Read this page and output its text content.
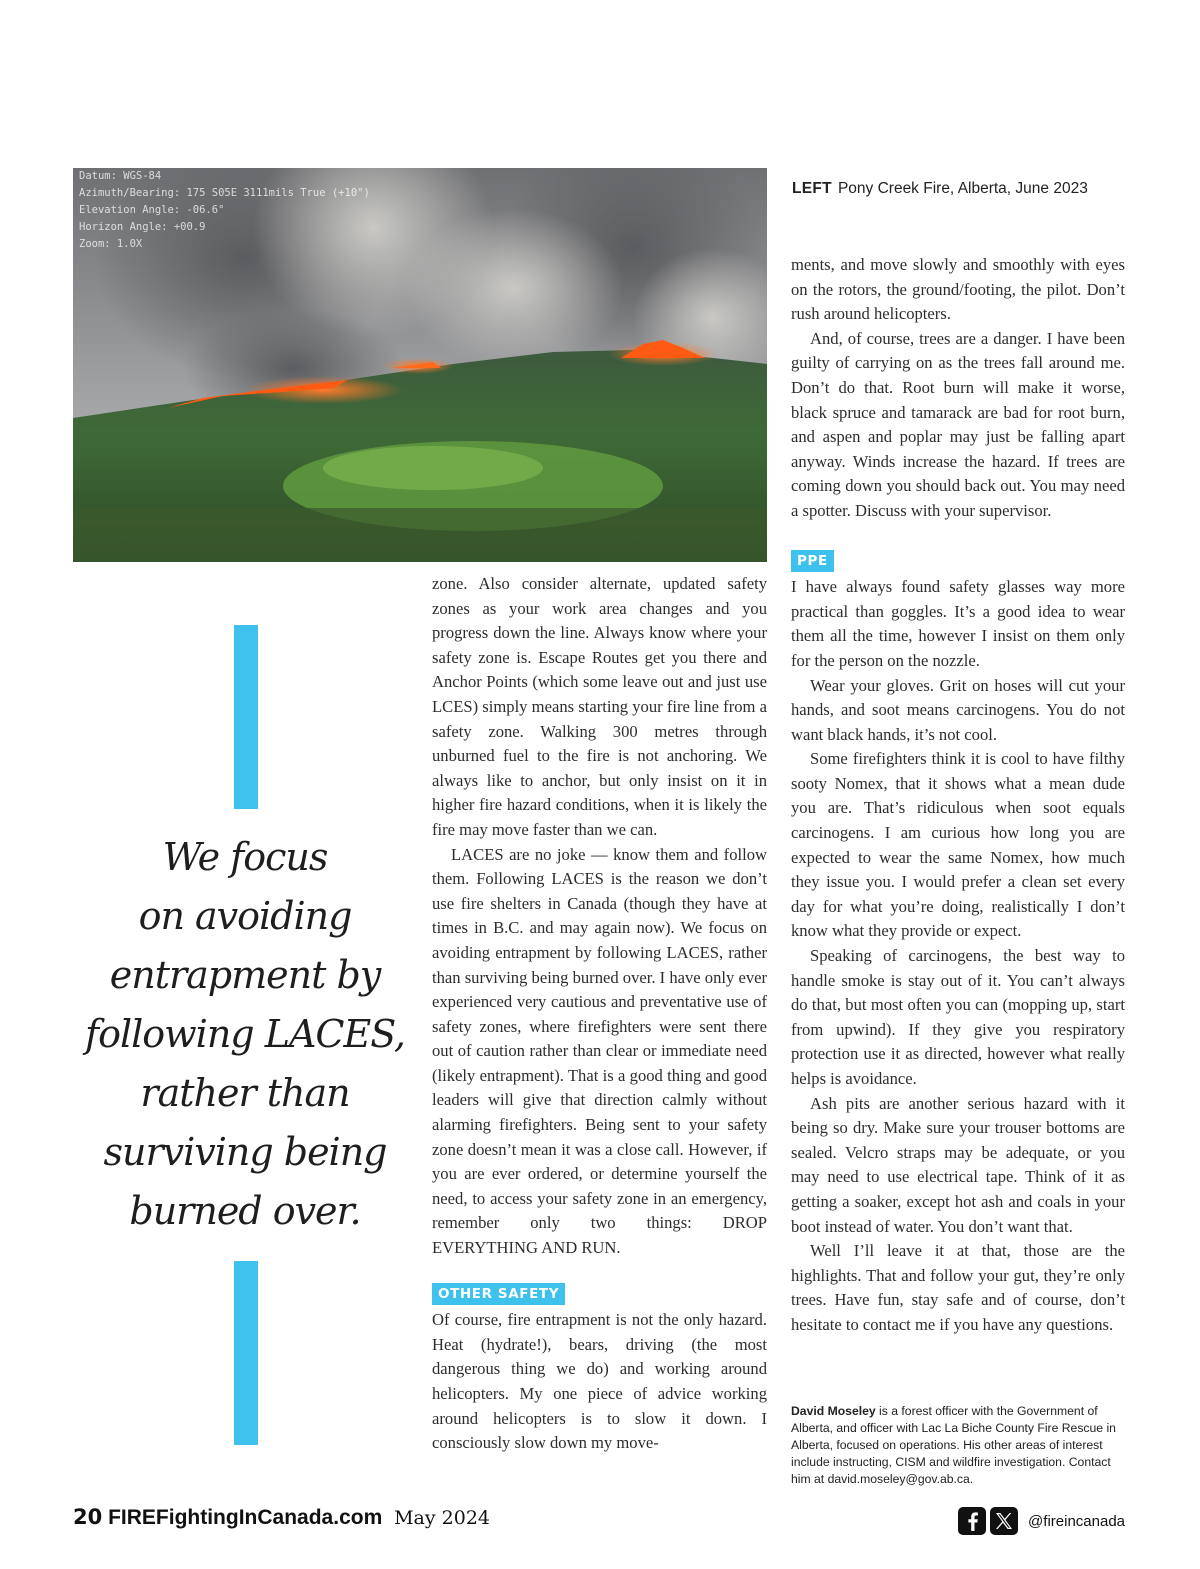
Datum: WGS-84
Azimuth/Bearing: 175 S05E 3111mils True (+10°)
Elevation Angle: -06.6°
Horizon Angle: +00.9
Zoom: 1.0X
LEFT Pony Creek Fire, Alberta, June 2023
We focus
on avoiding
entrapment by
following LACES,
rather than
surviving being
burned over.

zone. Also consider alternate, updated safety zones as your work area changes and you progress down the line. Always know where your safety zone is. Escape Routes get you there and Anchor Points (which some leave out and just use LCES) simply means starting your fire line from a safety zone. Walking 300 metres through unburned fuel to the fire is not anchoring. We always like to anchor, but only insist on it in higher fire hazard conditions, when it is likely the fire may move faster than we can.

LACES are no joke — know them and follow them. Following LACES is the reason we don’t use fire shelters in Canada (though they have at times in B.C. and may again now). We focus on avoiding entrapment by following LACES, rather than surviving being burned over. I have only ever experienced very cautious and preventative use of safety zones, where firefighters were sent there out of caution rather than clear or immediate need (likely entrapment). That is a good thing and good leaders will give that direction calmly without alarming firefighters. Being sent to your safety zone doesn’t mean it was a close call. However, if you are ever ordered, or determine yourself the need, to access your safety zone in an emergency, remember only two things: DROP EVERYTHING AND RUN.

OTHER SAFETY

Of course, fire entrapment is not the only hazard. Heat (hydrate!), bears, driving (the most dangerous thing we do) and working around helicopters. My one piece of advice working around helicopters is to slow it down. I consciously slow down my move-

ments, and move slowly and smoothly with eyes on the rotors, the ground/footing, the pilot. Don’t rush around helicopters.

And, of course, trees are a danger. I have been guilty of carrying on as the trees fall around me. Don’t do that. Root burn will make it worse, black spruce and tamarack are bad for root burn, and aspen and poplar may just be falling apart anyway. Winds increase the hazard. If trees are coming down you should back out. You may need a spotter. Discuss with your supervisor.

PPE

I have always found safety glasses way more practical than goggles. It’s a good idea to wear them all the time, however I insist on them only for the person on the nozzle.

Wear your gloves. Grit on hoses will cut your hands, and soot means carcinogens. You do not want black hands, it’s not cool.

Some firefighters think it is cool to have filthy sooty Nomex, that it shows what a mean dude you are. That’s ridiculous when soot equals carcinogens. I am curious how long you are expected to wear the same Nomex, how much they issue you. I would prefer a clean set every day for what you’re doing, realistically I don’t know what they provide or expect.

Speaking of carcinogens, the best way to handle smoke is stay out of it. You can’t always do that, but most often you can (mopping up, start from upwind). If they give you respiratory protection use it as directed, however what really helps is avoidance.

Ash pits are another serious hazard with it being so dry. Make sure your trouser bottoms are sealed. Velcro straps may be adequate, or you may need to use electrical tape. Think of it as getting a soaker, except hot ash and coals in your boot instead of water. You don’t want that.

Well I’ll leave it at that, those are the highlights. That and follow your gut, they’re only trees. Have fun, stay safe and of course, don’t hesitate to contact me if you have any questions.

David Moseley is a forest officer with the Government of Alberta, and officer with Lac La Biche County Fire Rescue in Alberta, focused on operations. His other areas of interest include instructing, CISM and wildfire investigation. Contact him at david.moseley@gov.ab.ca.
20 FIREFightingInCanada.com May 2024	@fireincanada
